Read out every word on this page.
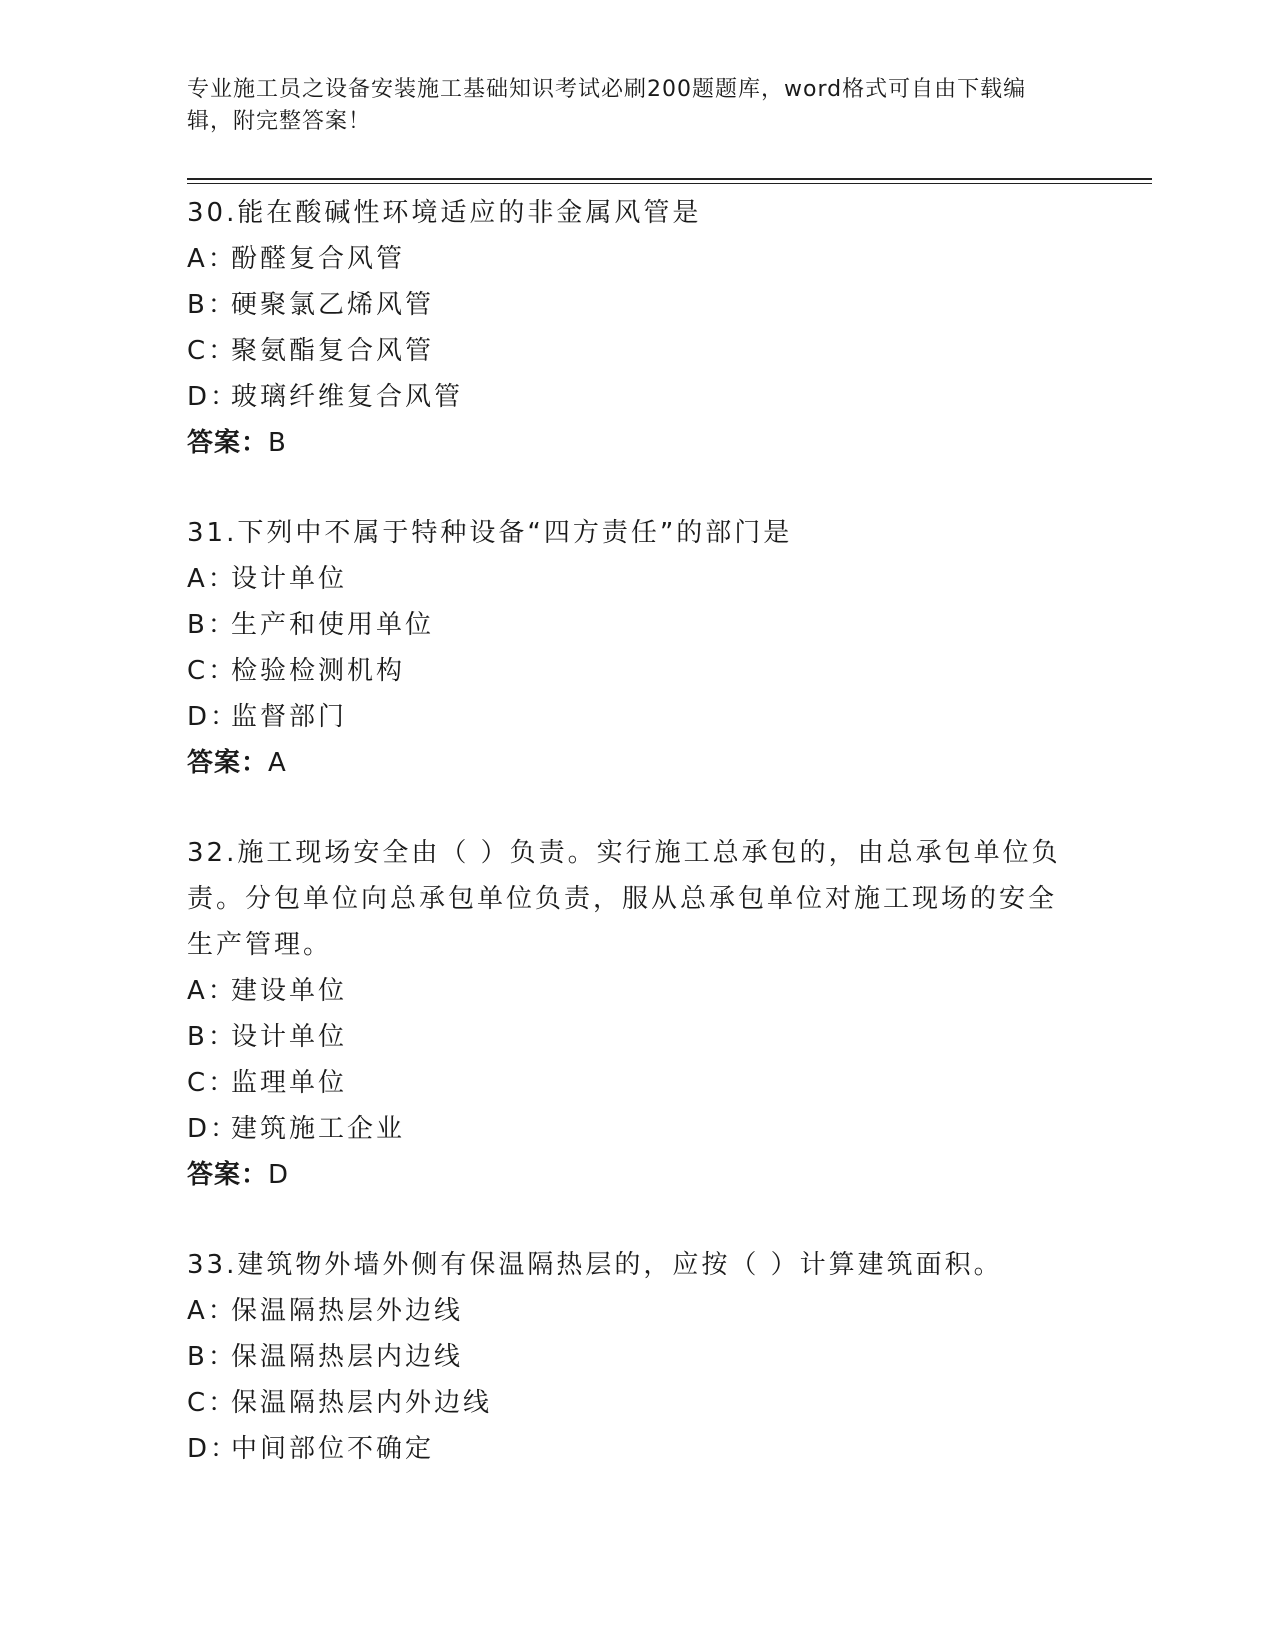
专业施工员之设备安装施工基础知识考试必刷200题题库，word格式可自由下载编辑，附完整答案！

30.能在酸碱性环境适应的非金属风管是

A：酚醛复合风管

B：硬聚氯乙烯风管

C：聚氨酯复合风管

D：玻璃纤维复合风管

答案：B

31.下列中不属于特种设备“四方责任”的部门是

A：设计单位

B：生产和使用单位

C：检验检测机构

D：监督部门

答案：A

32.施工现场安全由（ ）负责。实行施工总承包的，由总承包单位负责。分包单位向总承包单位负责，服从总承包单位对施工现场的安全生产管理。

A：建设单位

B：设计单位

C：监理单位

D：建筑施工企业

答案：D

33.建筑物外墙外侧有保温隔热层的，应按（ ）计算建筑面积。

A：保温隔热层外边线

B：保温隔热层内边线

C：保温隔热层内外边线

D：中间部位不确定
